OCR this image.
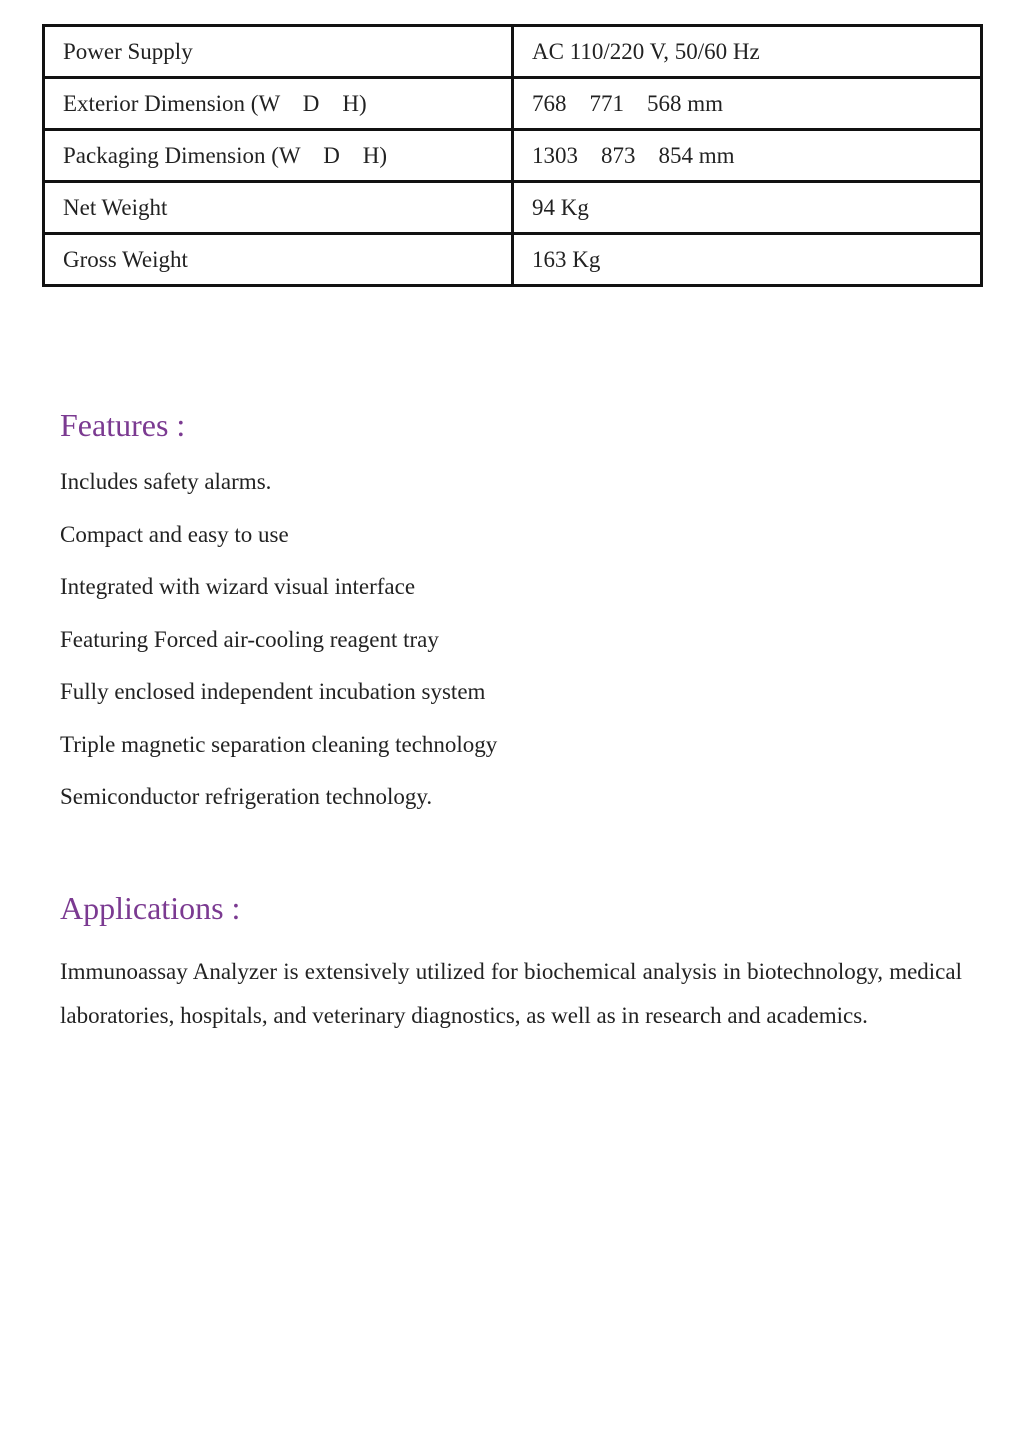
Power Supply	AC 110/220 V, 50/60 Hz
Exterior Dimension (W    D    H)	768    771    568 mm
Packaging Dimension (W    D    H)	1303    873    854 mm
Net Weight	94 Kg
Gross Weight	163 Kg
Features :
Includes safety alarms.
Compact and easy to use
Integrated with wizard visual interface
Featuring Forced air-cooling reagent tray
Fully enclosed independent incubation system
Triple magnetic separation cleaning technology
Semiconductor refrigeration technology.
Applications :

Immunoassay Analyzer is extensively utilized for biochemical analysis in biotechnology, medical laboratories, hospitals, and veterinary diagnostics, as well as in research and academics.
